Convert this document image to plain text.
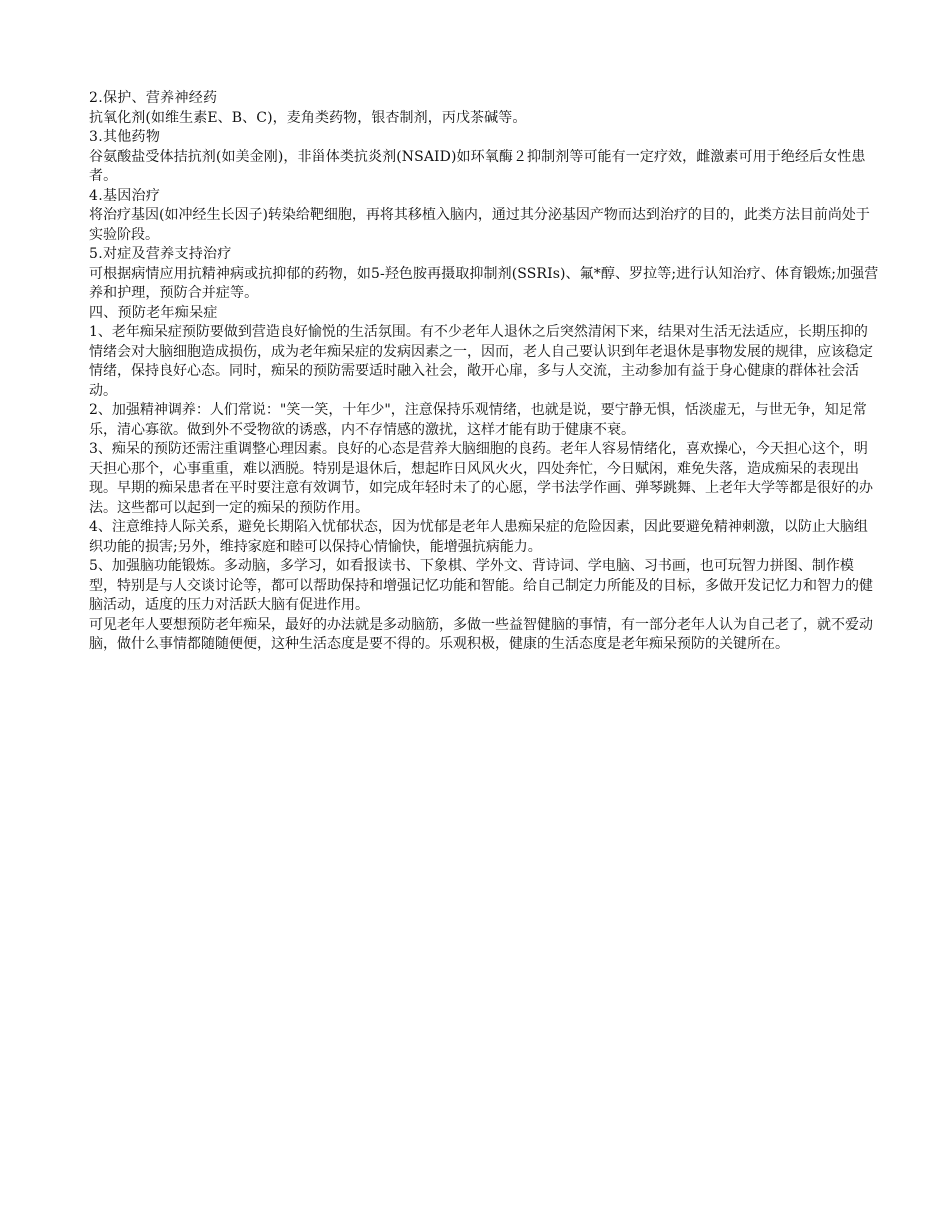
2.保护、营养神经药

抗氧化剂(如维生素E、B、C)，麦角类药物，银杏制剂，丙戊茶碱等。

3.其他药物

谷氨酸盐受体拮抗剂(如美金刚)，非甾体类抗炎剂(NSAID)如环氧酶２抑制剂等可能有一定疗效，雌激素可用于绝经后女性患者。

4.基因治疗

将治疗基因(如冲经生长因子)转染给靶细胞，再将其移植入脑内，通过其分泌基因产物而达到治疗的目的，此类方法目前尚处于实验阶段。

5.对症及营养支持治疗

可根据病情应用抗精神病或抗抑郁的药物，如5-羟色胺再摄取抑制剂(SSRIs)、氟*醇、罗拉等;进行认知治疗、体育锻炼;加强营养和护理，预防合并症等。

四、预防老年痴呆症

1、老年痴呆症预防要做到营造良好愉悦的生活氛围。有不少老年人退休之后突然清闲下来，结果对生活无法适应，长期压抑的情绪会对大脑细胞造成损伤，成为老年痴呆症的发病因素之一，因而，老人自己要认识到年老退休是事物发展的规律，应该稳定情绪，保持良好心态。同时，痴呆的预防需要适时融入社会，敞开心扉，多与人交流，主动参加有益于身心健康的群体社会活动。

2、加强精神调养：人们常说："笑一笑，十年少"，注意保持乐观情绪，也就是说，要宁静无惧，恬淡虚无，与世无争，知足常乐，清心寡欲。做到外不受物欲的诱惑，内不存情感的激扰，这样才能有助于健康不衰。

3、痴呆的预防还需注重调整心理因素。良好的心态是营养大脑细胞的良药。老年人容易情绪化，喜欢操心，今天担心这个，明天担心那个，心事重重，难以洒脱。特别是退休后，想起昨日风风火火，四处奔忙，今日赋闲，难免失落，造成痴呆的表现出现。早期的痴呆患者在平时要注意有效调节，如完成年轻时未了的心愿，学书法学作画、弹琴跳舞、上老年大学等都是很好的办法。这些都可以起到一定的痴呆的预防作用。

4、注意维持人际关系，避免长期陷入忧郁状态，因为忧郁是老年人患痴呆症的危险因素，因此要避免精神刺激，以防止大脑组织功能的损害;另外，维持家庭和睦可以保持心情愉快，能增强抗病能力。

5、加强脑功能锻炼。多动脑，多学习，如看报读书、下象棋、学外文、背诗词、学电脑、习书画，也可玩智力拼图、制作模型，特别是与人交谈讨论等，都可以帮助保持和增强记忆功能和智能。给自己制定力所能及的目标，多做开发记忆力和智力的健脑活动，适度的压力对活跃大脑有促进作用。

可见老年人要想预防老年痴呆，最好的办法就是多动脑筋，多做一些益智健脑的事情，有一部分老年人认为自己老了，就不爱动脑，做什么事情都随随便便，这种生活态度是要不得的。乐观积极，健康的生活态度是老年痴呆预防的关键所在。
